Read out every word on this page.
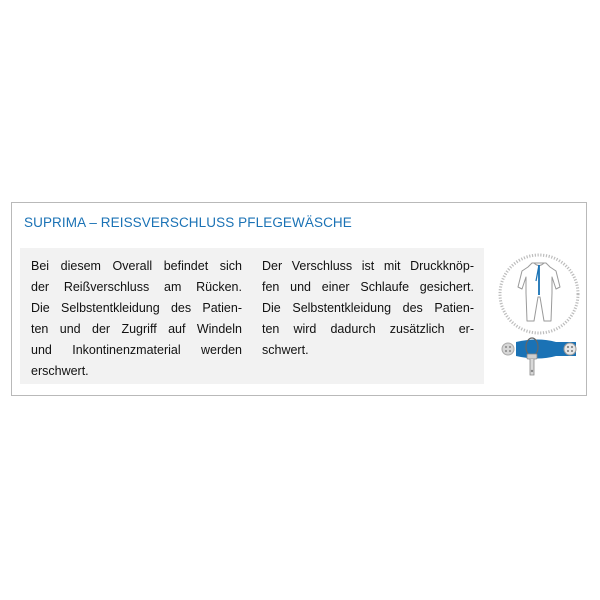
SUPRIMA – REISSVERSCHLUSS PFLEGEWÄSCHE

Bei diesem Overall befindet sich
der Reißverschluss am Rücken.
Die Selbstentkleidung des Patien-
ten und der Zugriff auf Windeln
und Inkontinenzmaterial werden
erschwert.

Der Verschluss ist mit Druckknöp-
fen und einer Schlaufe gesichert.
Die Selbstentkleidung des Patien-
ten wird dadurch zusätzlich er-
schwert.
